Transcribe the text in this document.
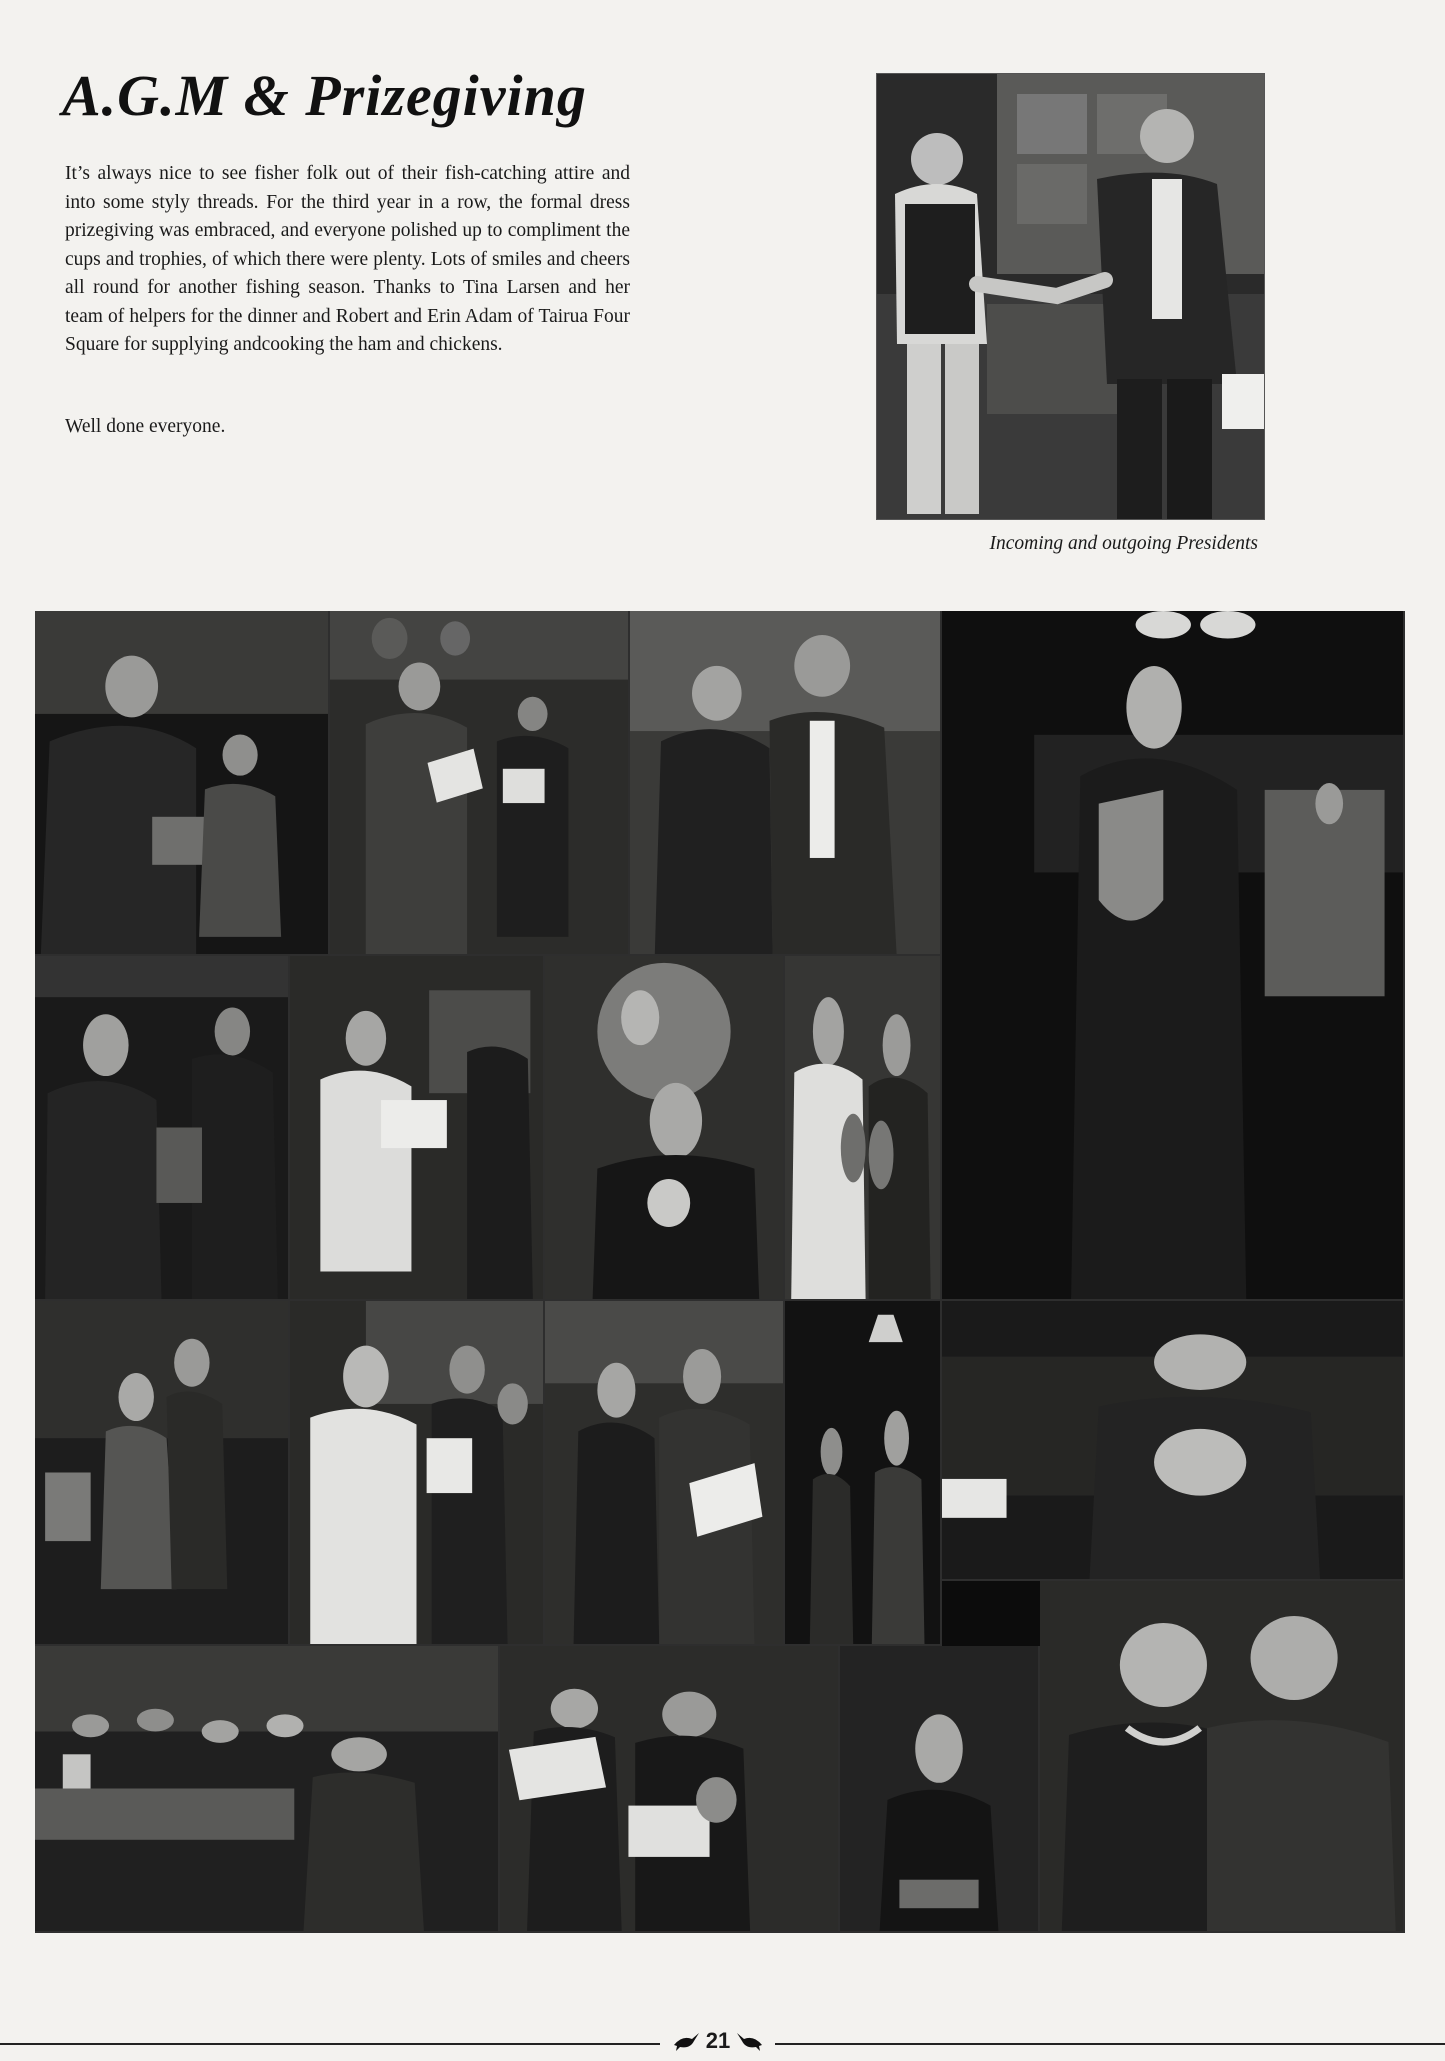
A.G.M & Prizegiving

It’s always nice to see fisher folk out of their fish-catching attire and into some styly threads. For the third year in a row, the formal dress prizegiving was embraced, and everyone polished up to compliment the cups and trophies, of which there were plenty. Lots of smiles and cheers all round for another fishing season. Thanks to Tina Larsen and her team of helpers for the dinner and Robert and Erin Adam of Tairua Four Square for supplying andcooking the ham and chickens.

Well done everyone.

Incoming and outgoing Presidents

21
